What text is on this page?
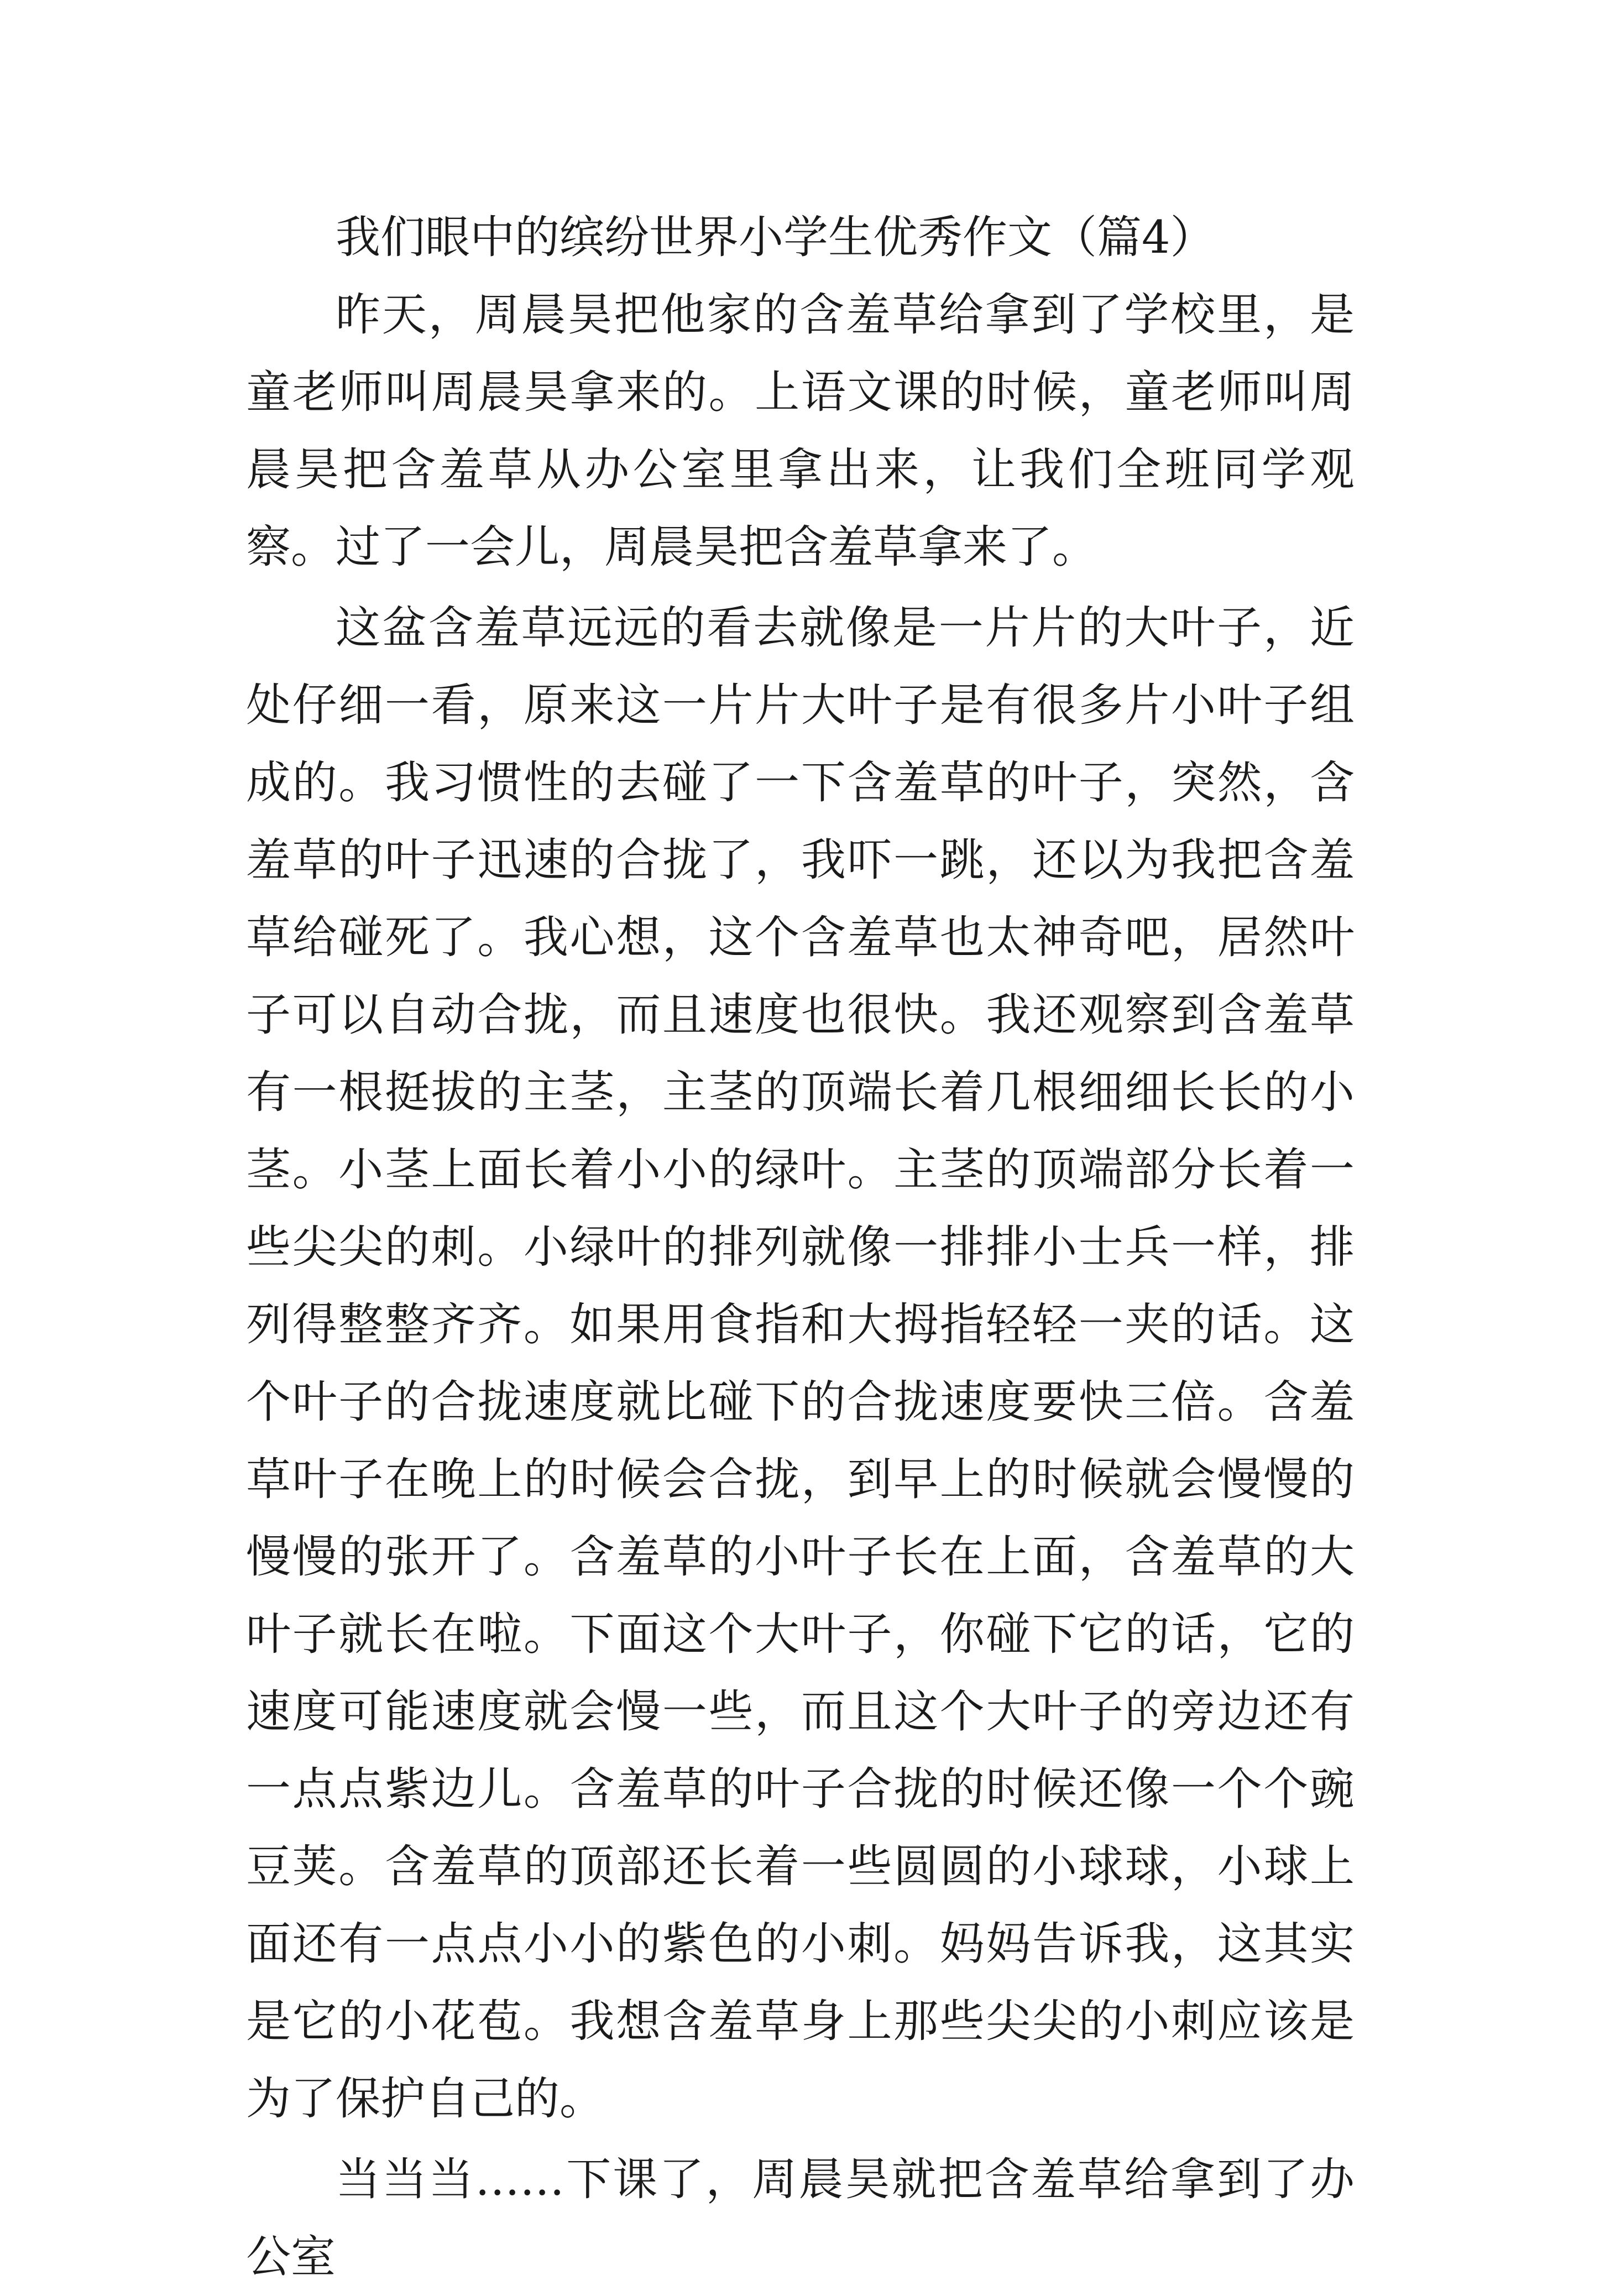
我们眼中的缤纷世界小学生优秀作文（篇4）

昨天，周晨昊把他家的含羞草给拿到了学校里，是童老师叫周晨昊拿来的。上语文课的时候，童老师叫周晨昊把含羞草从办公室里拿出来，让我们全班同学观察。过了一会儿，周晨昊把含羞草拿来了。

这盆含羞草远远的看去就像是一片片的大叶子，近处仔细一看，原来这一片片大叶子是有很多片小叶子组成的。我习惯性的去碰了一下含羞草的叶子，突然，含羞草的叶子迅速的合拢了，我吓一跳，还以为我把含羞草给碰死了。我心想，这个含羞草也太神奇吧，居然叶子可以自动合拢，而且速度也很快。我还观察到含羞草有一根挺拔的主茎，主茎的顶端长着几根细细长长的小茎。小茎上面长着小小的绿叶。主茎的顶端部分长着一些尖尖的刺。小绿叶的排列就像一排排小士兵一样，排列得整整齐齐。如果用食指和大拇指轻轻一夹的话。这个叶子的合拢速度就比碰下的合拢速度要快三倍。含羞草叶子在晚上的时候会合拢，到早上的时候就会慢慢的慢慢的张开了。含羞草的小叶子长在上面，含羞草的大叶子就长在啦。下面这个大叶子，你碰下它的话，它的速度可能速度就会慢一些，而且这个大叶子的旁边还有一点点紫边儿。含羞草的叶子合拢的时候还像一个个豌豆荚。含羞草的顶部还长着一些圆圆的小球球，小球上面还有一点点小小的紫色的小刺。妈妈告诉我，这其实是它的小花苞。我想含羞草身上那些尖尖的小刺应该是为了保护自己的。

当当当……下课了，周晨昊就把含羞草给拿到了办公室
